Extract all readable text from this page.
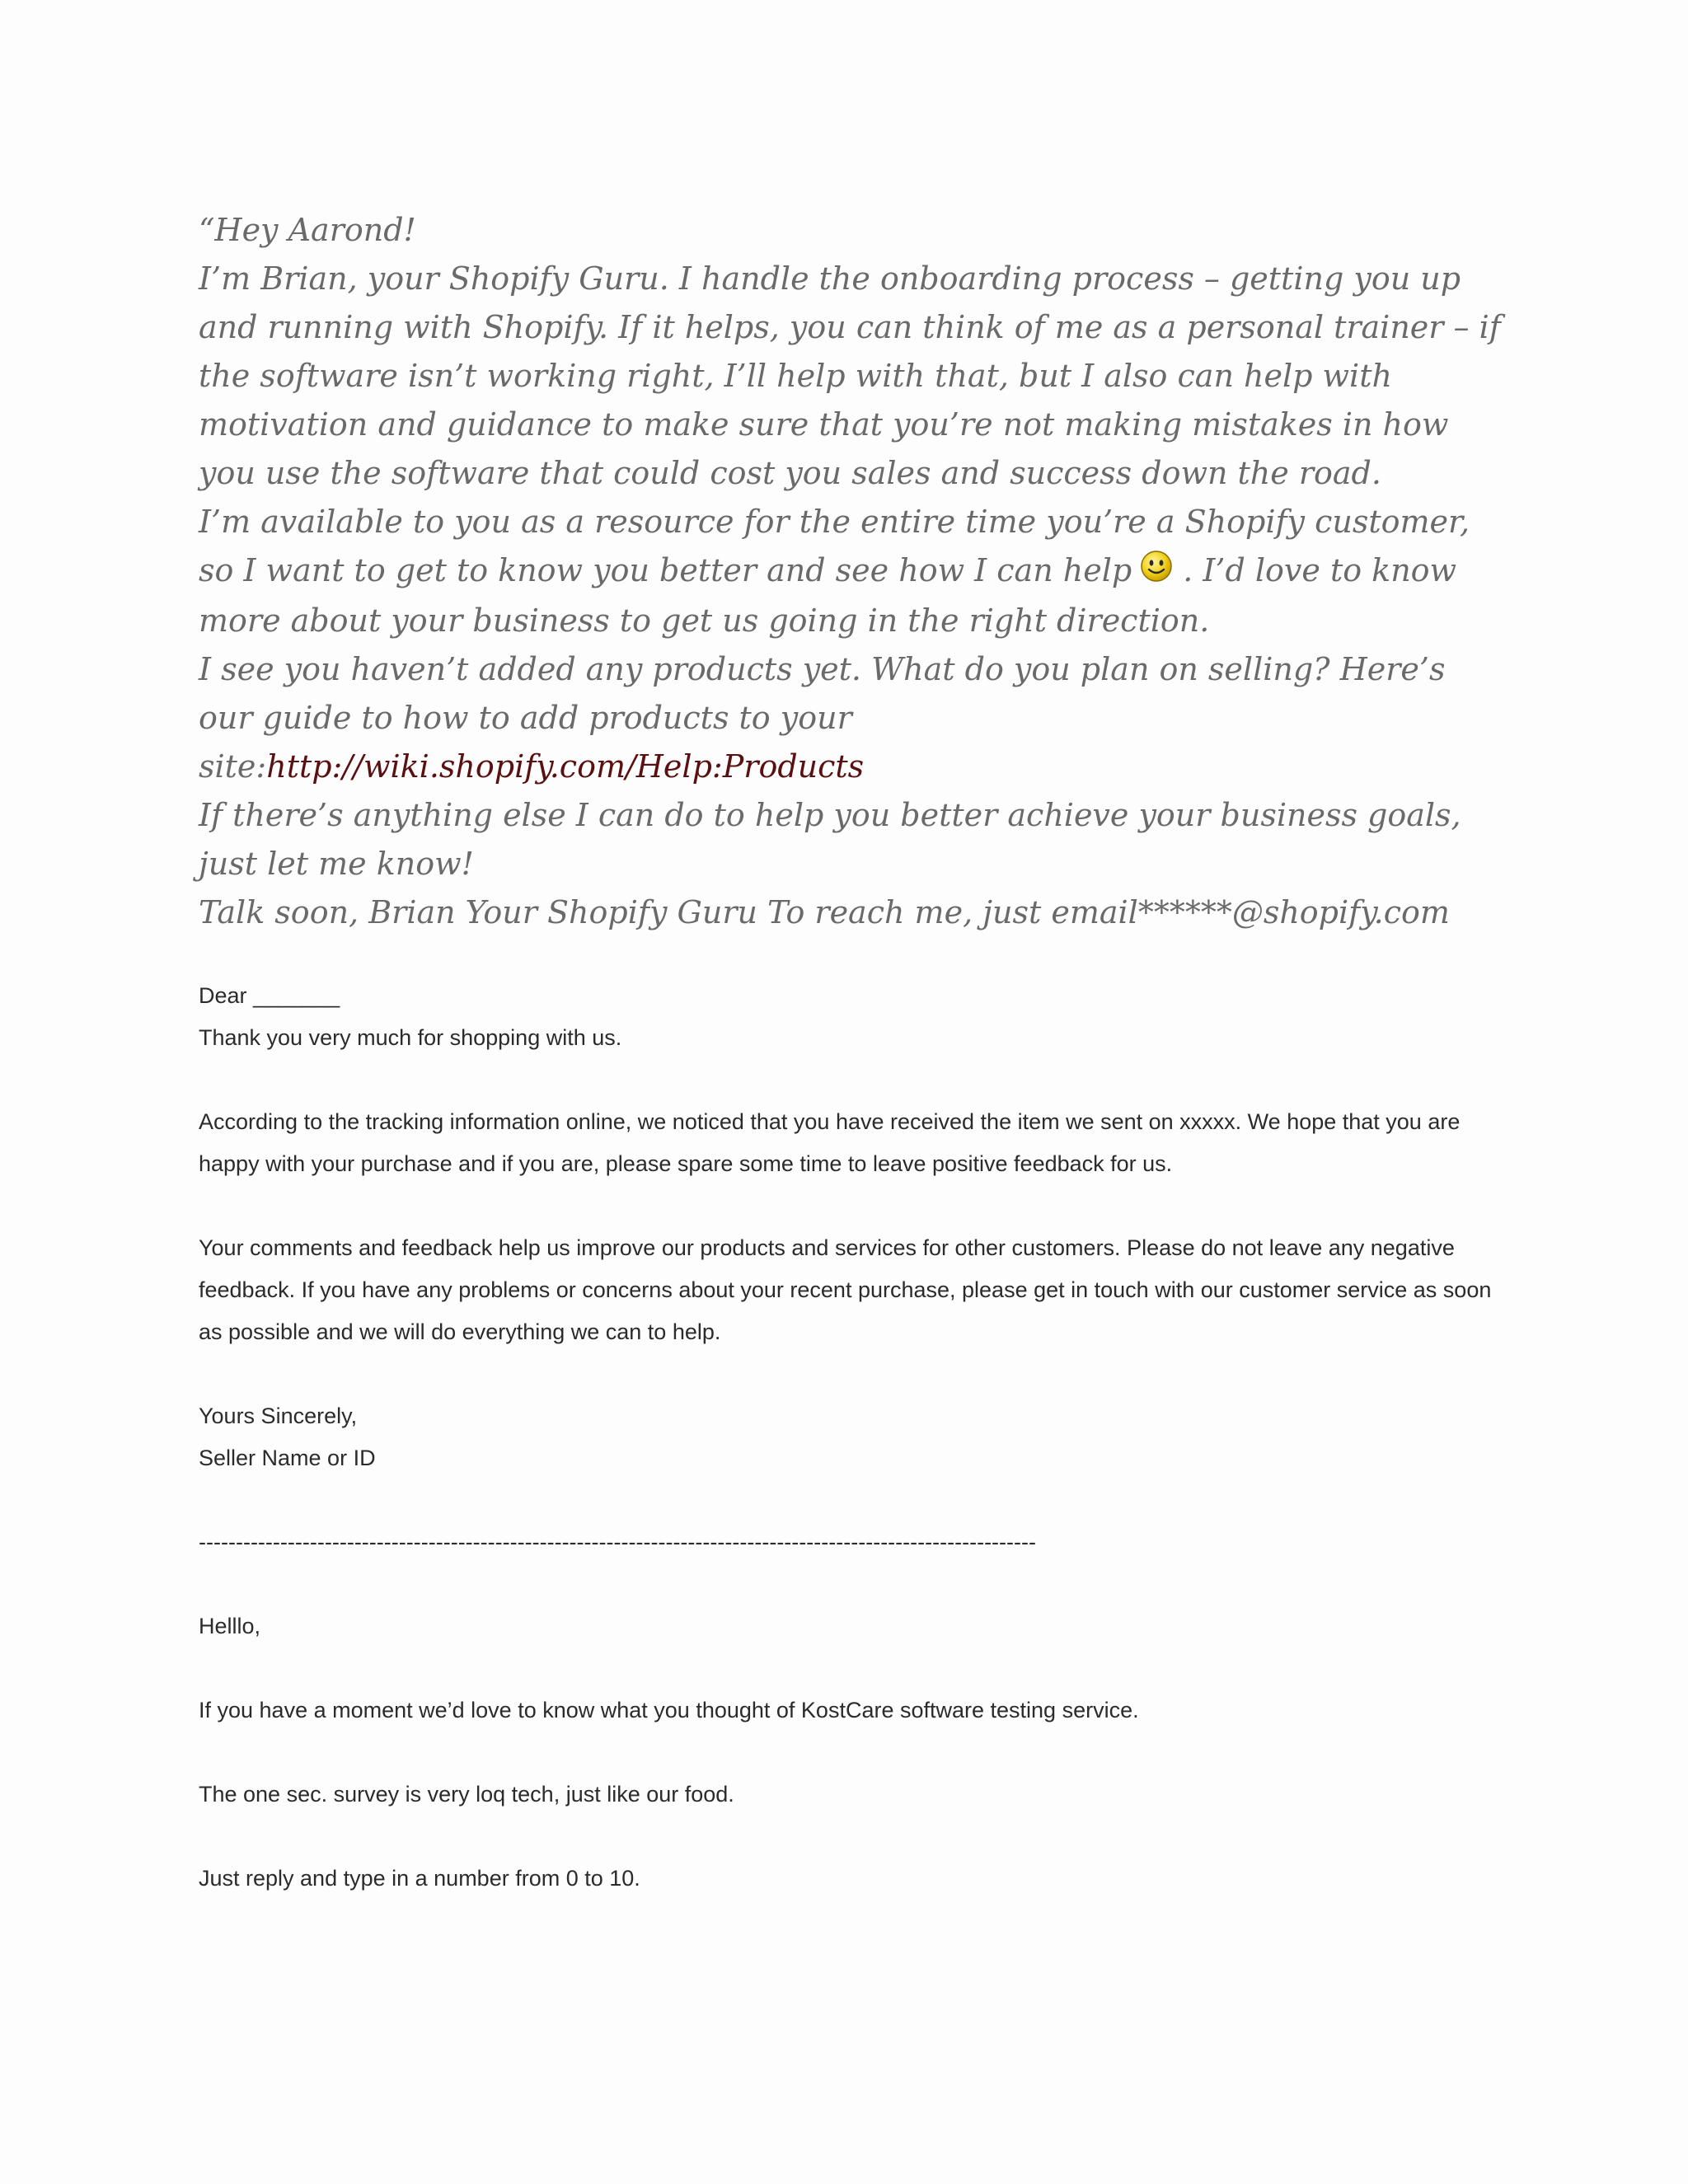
“Hey Aarond!

I’m Brian, your Shopify Guru. I handle the onboarding process – getting you up and running with Shopify. If it helps, you can think of me as a personal trainer – if the software isn’t working right, I’ll help with that, but I also can help with motivation and guidance to make sure that you’re not making mistakes in how you use the software that could cost you sales and success down the road.

I’m available to you as a resource for the entire time you’re a Shopify customer, so I want to get to know you better and see how I can help . I’d love to know more about your business to get us going in the right direction.

I see you haven’t added any products yet. What do you plan on selling? Here’s our guide to how to add products to your site:http://wiki.shopify.com/Help:Products

If there’s anything else I can do to help you better achieve your business goals, just let me know!

Talk soon, Brian Your Shopify Guru To reach me, just email******@shopify.com

Dear _______

Thank you very much for shopping with us.

According to the tracking information online, we noticed that you have received the item we sent on xxxxx. We hope that you are happy with your purchase and if you are, please spare some time to leave positive feedback for us.

Your comments and feedback help us improve our products and services for other customers. Please do not leave any negative feedback. If you have any problems or concerns about your recent purchase, please get in touch with our customer service as soon as possible and we will do everything we can to help.

Yours Sincerely,

Seller Name or ID

-----------------------------------------------------------------------------------------------------------------

Helllo,

If you have a moment we’d love to know what you thought of KostCare software testing service.

The one sec. survey is very loq tech, just like our food.

Just reply and type in a number from 0 to 10.
